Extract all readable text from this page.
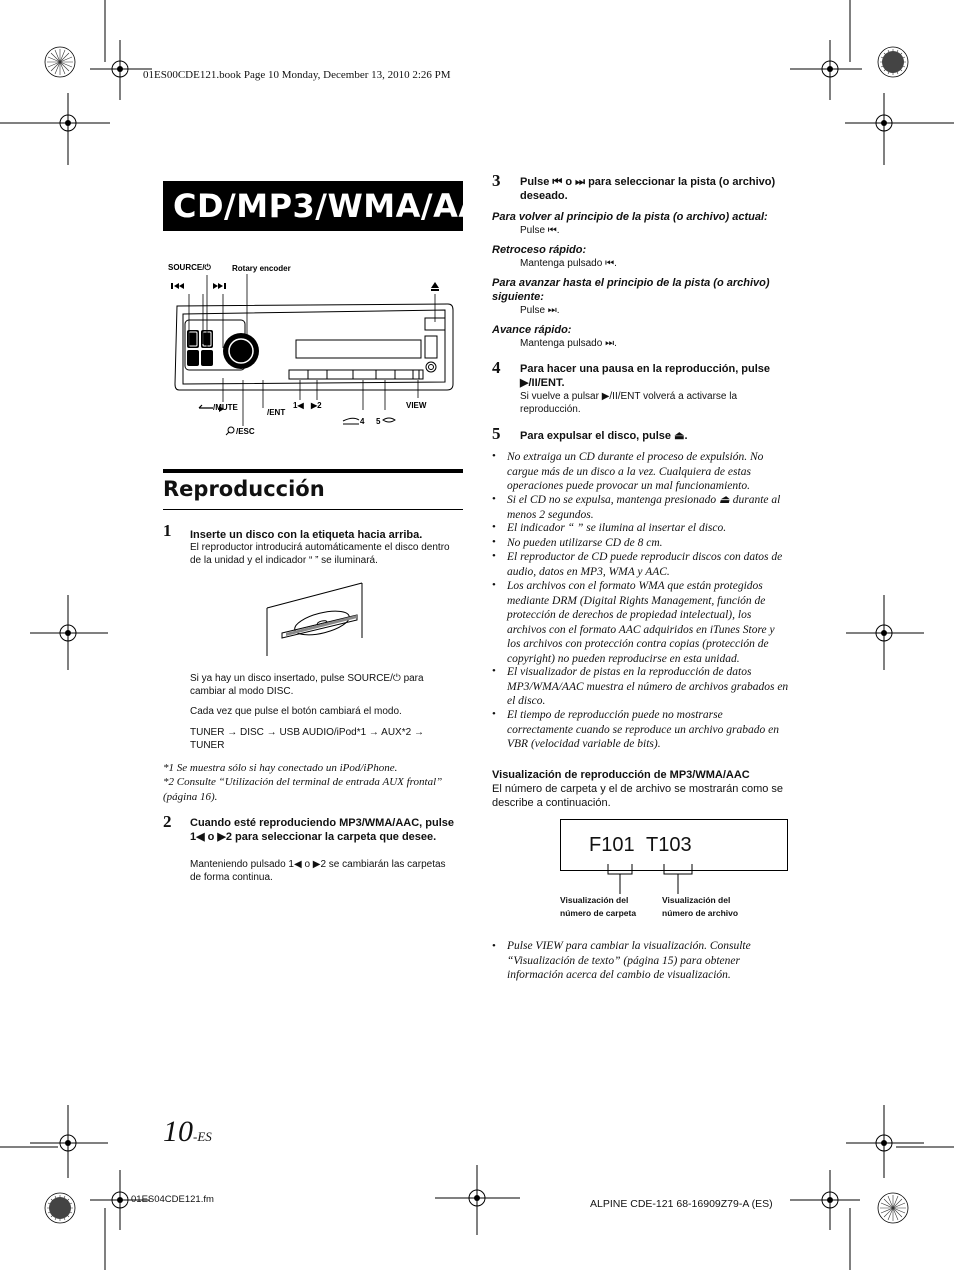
01ES00CDE121.book Page 10 Monday, December 13, 2010 2:26 PM
CD/MP3/WMA/AAC
SOURCE/⏻	Rotary encoder
/MUTE
/ENT
/ESC
1◀ ▶2
4 5
VIEW
Reproducción
1 Inserte un disco con la etiqueta hacia arriba.
El reproductor introducirá automáticamente el disco dentro de la unidad y el indicador “ ” se iluminará.
Si ya hay un disco insertado, pulse SOURCE/⏻ para cambiar al modo DISC.
Cada vez que pulse el botón cambiará el modo.
TUNER → DISC → USB AUDIO/iPod*1 → AUX*2 → TUNER
*1 Se muestra sólo si hay conectado un iPod/iPhone.
*2 Consulte “Utilización del terminal de entrada AUX frontal” (página 16).
2 Cuando esté reproduciendo MP3/WMA/AAC, pulse 1◀ o ▶2 para seleccionar la carpeta que desee.
Manteniendo pulsado 1◀ o ▶2 se cambiarán las carpetas de forma continua.
3 Pulse ⏮ o ⏭ para seleccionar la pista (o archivo) deseado.
Para volver al principio de la pista (o archivo) actual:
Pulse ⏮.
Retroceso rápido:
Mantenga pulsado ⏮.
Para avanzar hasta el principio de la pista (o archivo) siguiente:
Pulse ⏭.
Avance rápido:
Mantenga pulsado ⏭.
4 Para hacer una pausa en la reproducción, pulse ▶/II/ENT.
Si vuelve a pulsar ▶/II/ENT volverá a activarse la reproducción.
5 Para expulsar el disco, pulse ⏏.
• No extraiga un CD durante el proceso de expulsión. No cargue más de un disco a la vez. Cualquiera de estas operaciones puede provocar un mal funcionamiento.
• Si el CD no se expulsa, mantenga presionado ⏏ durante al menos 2 segundos.
• El indicador “ ” se ilumina al insertar el disco.
• No pueden utilizarse CD de 8 cm.
• El reproductor de CD puede reproducir discos con datos de audio, datos en MP3, WMA y AAC.
• Los archivos con el formato WMA que están protegidos mediante DRM (Digital Rights Management, función de protección de derechos de propiedad intelectual), los archivos con el formato AAC adquiridos en iTunes Store y los archivos con protección contra copias (protección de copyright) no pueden reproducirse en esta unidad.
• El visualizador de pistas en la reproducción de datos MP3/WMA/AAC muestra el número de archivos grabados en el disco.
• El tiempo de reproducción puede no mostrarse correctamente cuando se reproduce un archivo grabado en VBR (velocidad variable de bits).
Visualización de reproducción de MP3/WMA/AAC
El número de carpeta y el de archivo se mostrarán como se describe a continuación.
F101 T103
Visualización del
número de carpeta
Visualización del
número de archivo
• Pulse VIEW para cambiar la visualización. Consulte “Visualización de texto” (página 15) para obtener información acerca del cambio de visualización.
10-ES
01ES04CDE121.fm	ALPINE CDE-121 68-16909Z79-A (ES)
